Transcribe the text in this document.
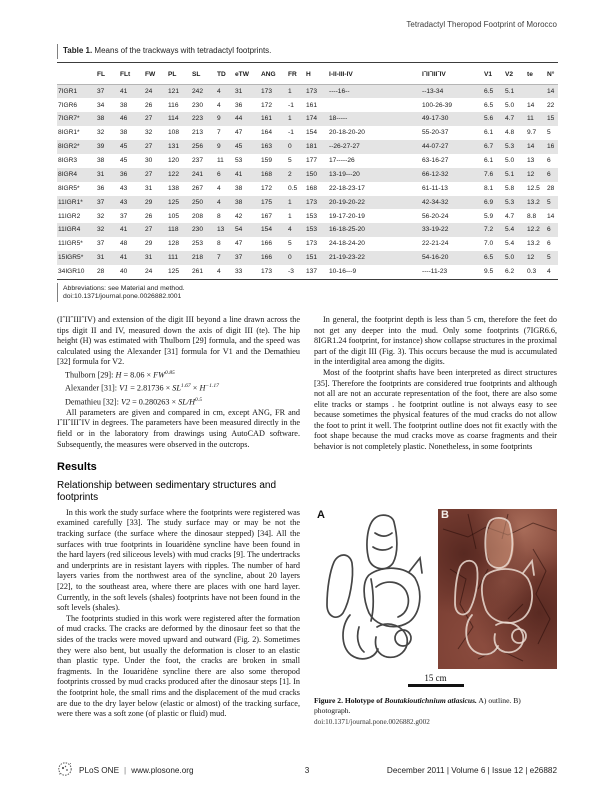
Tetradactyl Theropod Footprint of Morocco
Table 1. Means of the trackways with tetradactyl footprints.
	FL	FLt	FW	PL	SL	TD	eTW	ANG	FR	H	I-II-III-IV	IˆIIˆIIIˆIV	V1	V2	te	N°
7IGR1	37	41	24	121	242	4	31	173	1	173	----16--	--13-34	6.5	5.1		14
7IGR6	34	38	26	116	230	4	36	172	-1	161		100-26-39	6.5	5.0	14	22
7IGR7*	38	46	27	114	223	9	44	161	1	174	18-----	49-17-30	5.6	4.7	11	15
8IGR1*	32	38	32	108	213	7	47	164	-1	154	20-18-20-20	55-20-37	6.1	4.8	9.7	5
8IGR2*	39	45	27	131	256	9	45	163	0	181	--26-27-27	44-07-27	6.7	5.3	14	16
8IGR3	38	45	30	120	237	11	53	159	5	177	17-----26	63-16-27	6.1	5.0	13	6
8IGR4	31	36	27	122	241	6	41	168	2	150	13-19---20	66-12-32	7.6	5.1	12	6
8IGR5*	36	43	31	138	267	4	38	172	0.5	168	22-18-23-17	61-11-13	8.1	5.8	12.5	28
11IGR1*	37	43	29	125	250	4	38	175	1	173	20-19-20-22	42-34-32	6.9	5.3	13.2	5
11IGR2	32	37	26	105	208	8	42	167	1	153	19-17-20-19	56-20-24	5.9	4.7	8.8	14
11IGR4	32	41	27	118	230	13	54	154	4	153	16-18-25-20	33-19-22	7.2	5.4	12.2	6
11IGR5*	37	48	29	128	253	8	47	166	5	173	24-18-24-20	22-21-24	7.0	5.4	13.2	6
15IGR5*	31	41	31	111	218	7	37	166	0	151	21-19-23-22	54-16-20	6.5	5.0	12	5
34IGR10	28	40	24	125	261	4	33	173	-3	137	10-16---9	----11-23	9.5	6.2	0.3	4
Abbreviations: see Material and method.
doi:10.1371/journal.pone.0026882.t001

(IˆIIˆIIIˆIV) and extension of the digit III beyond a line drawn across the tips digit II and IV, measured down the axis of digit III (te). The hip height (H) was estimated with Thulborn [29] formula, and the speed was calculated using the Alexander [31] formula for V1 and the Demathieu [32] formula for V2.

Thulborn [29]: $H = 8.06 \times FW^{0.85}$
Alexander [31]: $V1 = 2.81736 \times SL^{1.67} \times H^{-1.17}$
Demathieu [32]: $V2 = 0.280263 \times SL/H^{0.5}$

All parameters are given and compared in cm, except ANG, FR and IˆIIˆIIIˆIV in degrees. The parameters have been measured directly in the field or in the laboratory from drawings using AutoCAD software. Subsequently, the measures were observed in the outcrops.

Results
Relationship between sedimentary structures and footprints

In this work the study surface where the footprints were registered was examined carefully [33]. The study surface may or may be not the tracking surface (the surface where the dinosaur stepped) [34]. All the surfaces with true footprints in Iouaridène syncline have been found in the hard layers (red siliceous levels) with mud cracks [9]. The undertracks and underprints are in resistant layers with ripples. The number of hard layers varies from the northwest area of the syncline, about 20 layers [22], to the southeast area, where there are places with one hard layer. Currently, in the soft levels (shales) footprints have not been found in the soft levels (shales).

The footprints studied in this work were registered after the formation of mud cracks. The cracks are deformed by the dinosaur feet so that the sides of the tracks were moved upward and outward (Fig. 2). Sometimes they were also bent, but usually the deformation is closer to an elastic than plastic type. Under the foot, the cracks are broken in small fragments. In the Iouaridène syncline there are also some theropod footprints crossed by mud cracks produced after the dinosaur steps [1]. In the footprint hole, the small rims and the displacement of the mud cracks are due to the dry layer below (elastic or almost) of the tracking surface, were there was a soft zone (of plastic or fluid) mud.

In general, the footprint depth is less than 5 cm, therefore the feet do not get any deeper into the mud. Only some footprints (7IGR6.6, 8IGR1.24 footprint, for instance) show collapse structures in the proximal part of the digit III (Fig. 3). This occurs because the mud is accumulated in the interdigital area among the digits.

Most of the footprint shafts have been interpreted as direct structures [35]. Therefore the footprints are considered true footprints and although not all are not an accurate representation of the foot, there are also some elite tracks or stamps . he footprint outline is not always easy to see because sometimes the physical features of the mud cracks do not allow the foot to print it well. The footprint outline does not fit exactly with the foot shape because the mud cracks move as coarse fragments and their behavior is not completely plastic. Nonetheless, in some footprints

A	B
15 cm
Figure 2. Holotype of Boutakioutichnium atlasicus. A) outline. B) photograph.
doi:10.1371/journal.pone.0026882.g002
PLoS ONE | www.plosone.org	3	December 2011 | Volume 6 | Issue 12 | e26882
